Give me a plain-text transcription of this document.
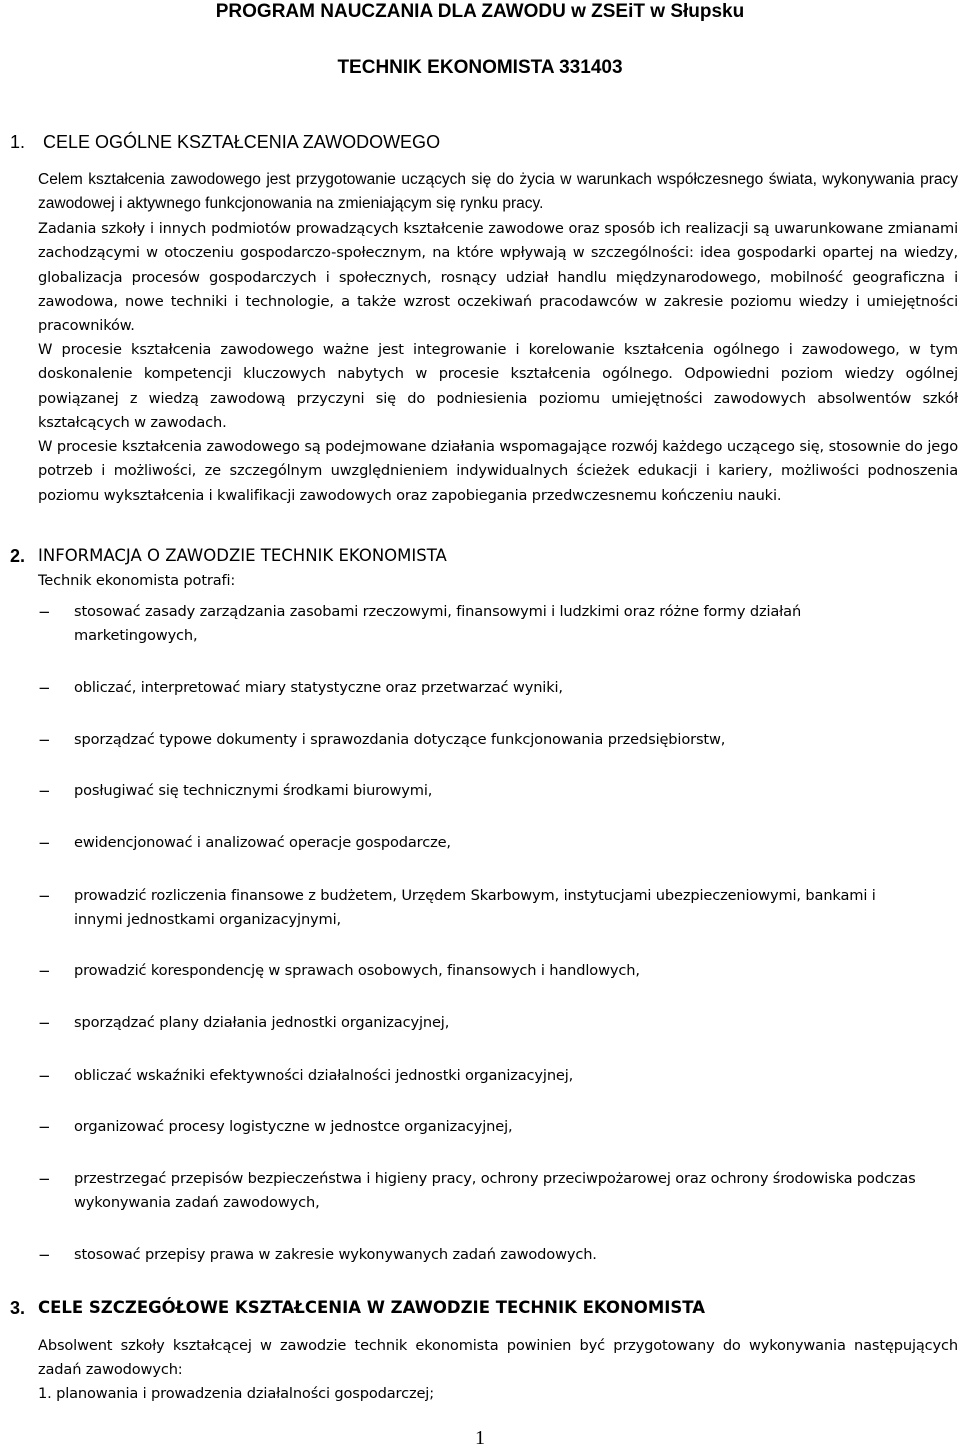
PROGRAM NAUCZANIA DLA ZAWODU w ZSEiT w Słupsku
TECHNIK EKONOMISTA 331403
1. CELE OGÓLNE KSZTAŁCENIA ZAWODOWEGO

Celem kształcenia zawodowego jest przygotowanie uczących się do życia w warunkach współczesnego świata, wykonywania pracy zawodowej i aktywnego funkcjonowania na zmieniającym się rynku pracy.

Zadania szkoły i innych podmiotów prowadzących kształcenie zawodowe oraz sposób ich realizacji są uwarunkowane zmianami zachodzącymi w otoczeniu gospodarczo-społecznym, na które wpływają w szczególności: idea gospodarki opartej na wiedzy, globalizacja procesów gospodarczych i społecznych, rosnący udział handlu międzynarodowego, mobilność geograficzna i zawodowa, nowe techniki i technologie, a także wzrost oczekiwań pracodawców w zakresie poziomu wiedzy i umiejętności pracowników.

W procesie kształcenia zawodowego ważne jest integrowanie i korelowanie kształcenia ogólnego i zawodowego, w tym doskonalenie kompetencji kluczowych nabytych w procesie kształcenia ogólnego. Odpowiedni poziom wiedzy ogólnej powiązanej z wiedzą zawodową przyczyni się do podniesienia poziomu umiejętności zawodowych absolwentów szkół kształcących w zawodach.

W procesie kształcenia zawodowego są podejmowane działania wspomagające rozwój każdego uczącego się, stosownie do jego potrzeb i możliwości, ze szczególnym uwzględnieniem indywidualnych ścieżek edukacji i kariery, możliwości podnoszenia poziomu wykształcenia i kwalifikacji zawodowych oraz zapobiegania przedwczesnemu kończeniu nauki.

2. INFORMACJA O ZAWODZIE TECHNIK EKONOMISTA
Technik ekonomista potrafi:
− stosować zasady zarządzania zasobami rzeczowymi, finansowymi i ludzkimi oraz różne formy działań marketingowych,
− obliczać, interpretować miary statystyczne oraz przetwarzać wyniki,
− sporządzać typowe dokumenty i sprawozdania dotyczące funkcjonowania przedsiębiorstw,
− posługiwać się technicznymi środkami biurowymi,
− ewidencjonować i analizować operacje gospodarcze,
− prowadzić rozliczenia finansowe z budżetem, Urzędem Skarbowym, instytucjami ubezpieczeniowymi, bankami i innymi jednostkami organizacyjnymi,
− prowadzić korespondencję w sprawach osobowych, finansowych i handlowych,
− sporządzać plany działania jednostki organizacyjnej,
− obliczać wskaźniki efektywności działalności jednostki organizacyjnej,
− organizować procesy logistyczne w jednostce organizacyjnej,
− przestrzegać przepisów bezpieczeństwa i higieny pracy, ochrony przeciwpożarowej oraz ochrony środowiska podczas wykonywania zadań zawodowych,
− stosować przepisy prawa w zakresie wykonywanych zadań zawodowych.
3. CELE SZCZEGÓŁOWE KSZTAŁCENIA W ZAWODZIE TECHNIK EKONOMISTA

Absolwent szkoły kształcącej w zawodzie technik ekonomista powinien być przygotowany do wykonywania następujących zadań zawodowych:

1. planowania i prowadzenia działalności gospodarczej;
1
